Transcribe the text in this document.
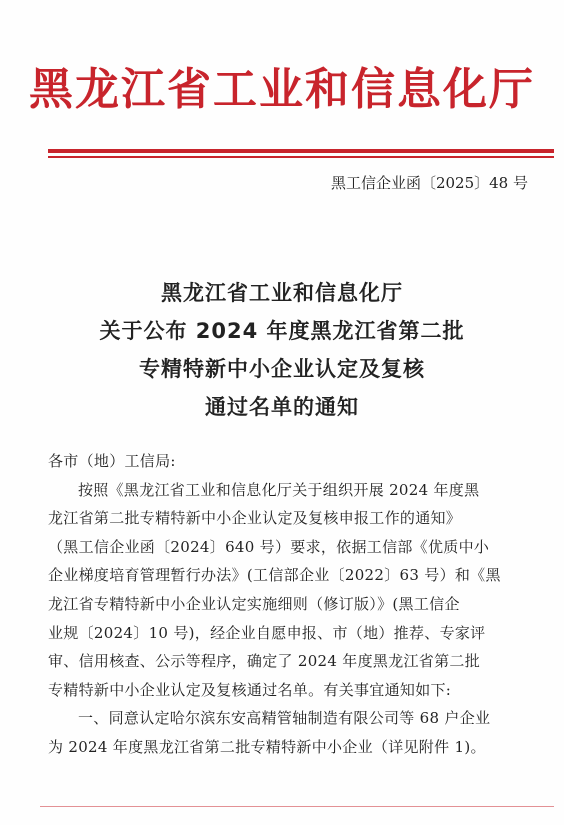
黑龙江省工业和信息化厅
黑工信企业函〔2025〕48 号
黑龙江省工业和信息化厅
关于公布 2024 年度黑龙江省第二批
专精特新中小企业认定及复核
通过名单的通知
各市（地）工信局:
按照《黑龙江省工业和信息化厅关于组织开展 2024 年度黑
龙江省第二批专精特新中小企业认定及复核申报工作的通知》
（黑工信企业函〔2024〕640 号）要求，依据工信部《优质中小
企业梯度培育管理暂行办法》(工信部企业〔2022〕63 号）和《黑
龙江省专精特新中小企业认定实施细则（修订版）》(黑工信企
业规〔2024〕10 号)，经企业自愿申报、市（地）推荐、专家评
审、信用核查、公示等程序，确定了 2024 年度黑龙江省第二批
专精特新中小企业认定及复核通过名单。有关事宜通知如下:
一、同意认定哈尔滨东安高精管轴制造有限公司等 68 户企业
为 2024 年度黑龙江省第二批专精特新中小企业（详见附件 1)。
